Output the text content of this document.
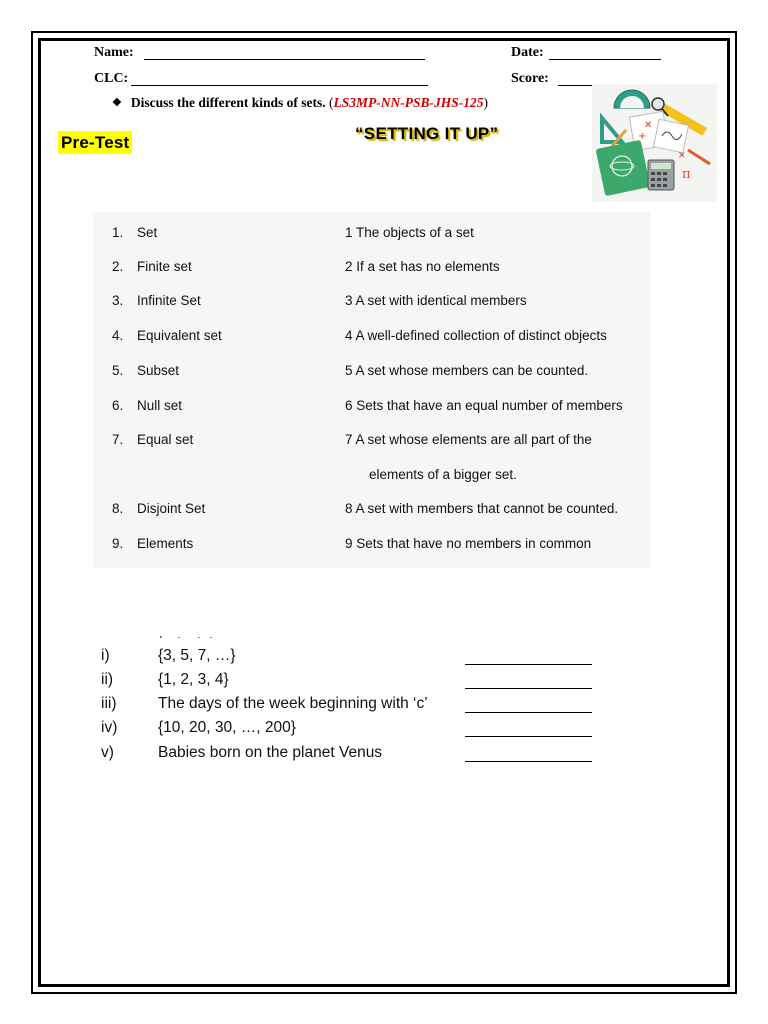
Name:	Date:
CLC:	Score:
❖ Discuss the different kinds of sets. (LS3MP-NN-PSB-JHS-125)
Pre-Test	“SETTING IT UP”	✕
+
π
✕
1. Set	1 The objects of a set
2. Finite set	2 If a set has no elements
3. Infinite Set	3 A set with identical members
4. Equivalent set	4 A well-defined collection of distinct objects
5. Subset	5 A set whose members can be counted.
6. Null set	6 Sets that have an equal number of members
7. Equal set	7 A set whose elements are all part of the
elements of a bigger set.
8. Disjoint Set	8 A set with members that cannot be counted.
9. Elements	9 Sets that have no members in common
i)	{3, 5, 7, …}
ii)	{1, 2, 3, 4}
iii)	The days of the week beginning with ‘c’
iv)	{10, 20, 30, …, 200}
v)	Babies born on the planet Venus
